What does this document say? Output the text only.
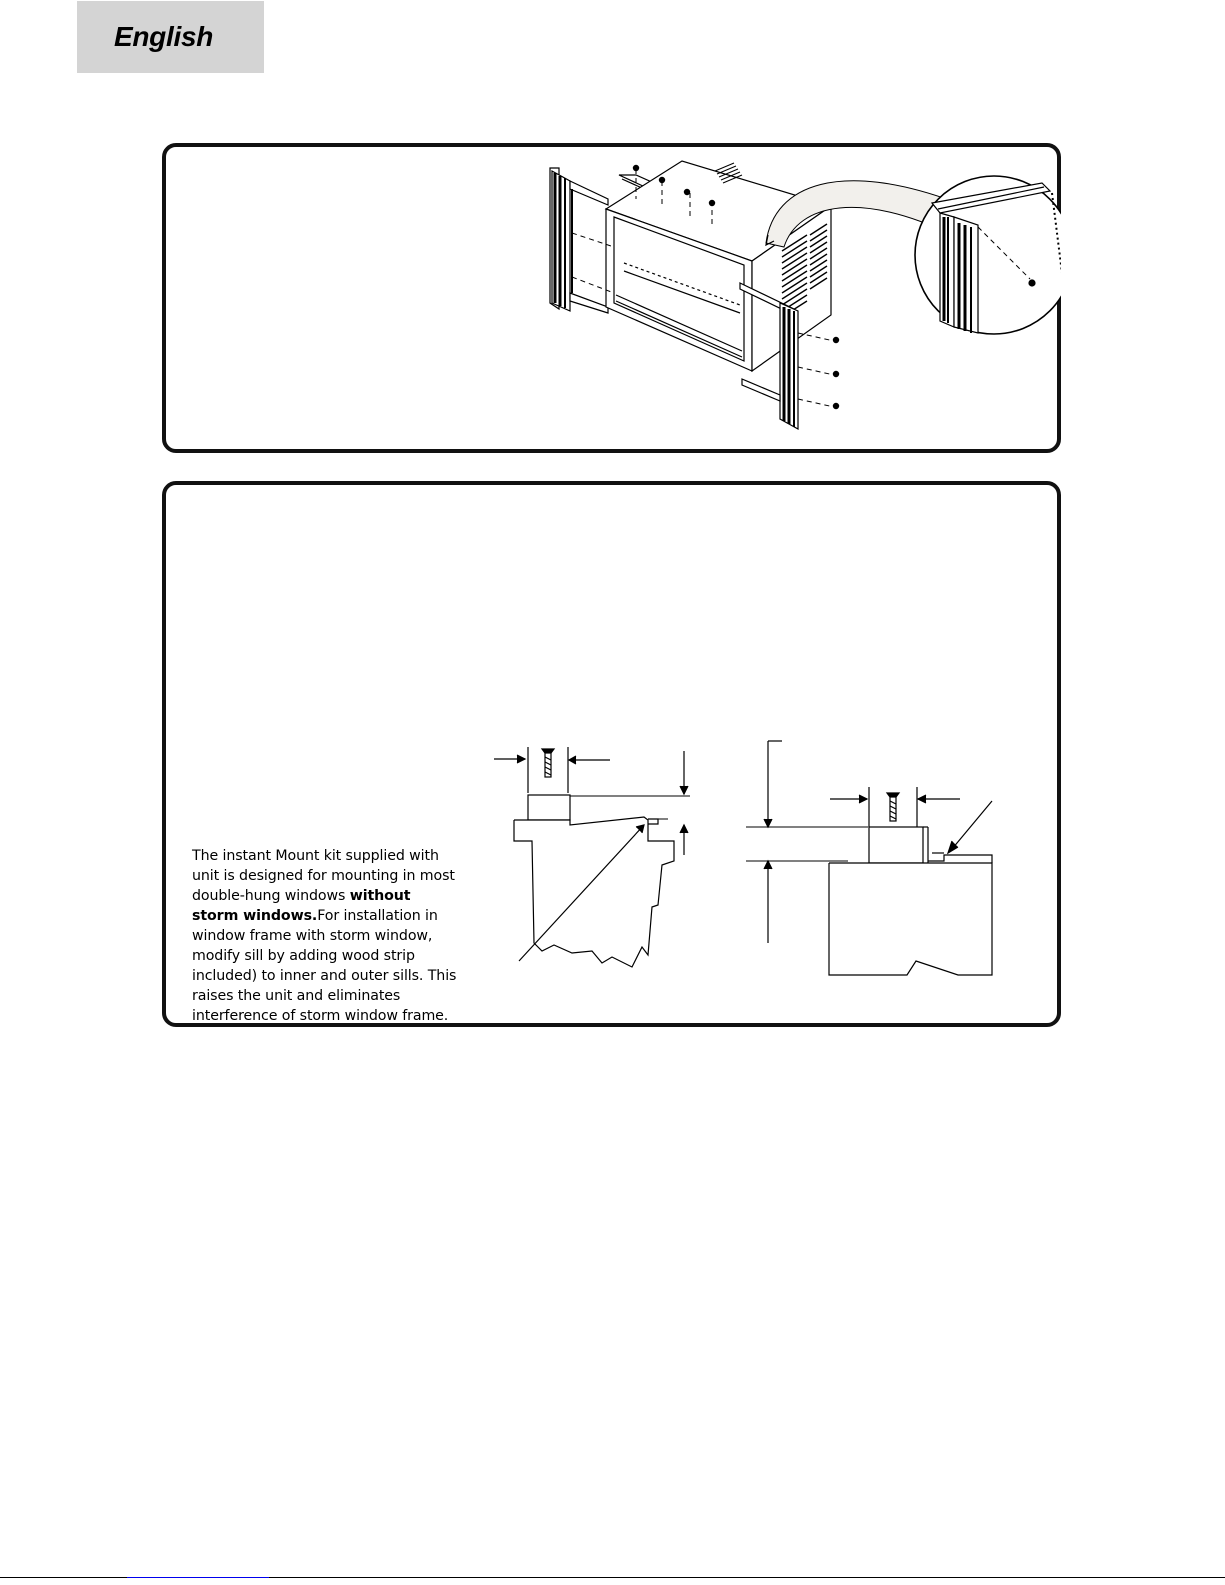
English

The instant Mount kit supplied with unit is designed for mounting in most double-hung windows without storm windows.For installation in window frame with storm window, modify sill by adding wood strip included) to inner and outer sills. This raises the unit and eliminates interference of storm window frame.
